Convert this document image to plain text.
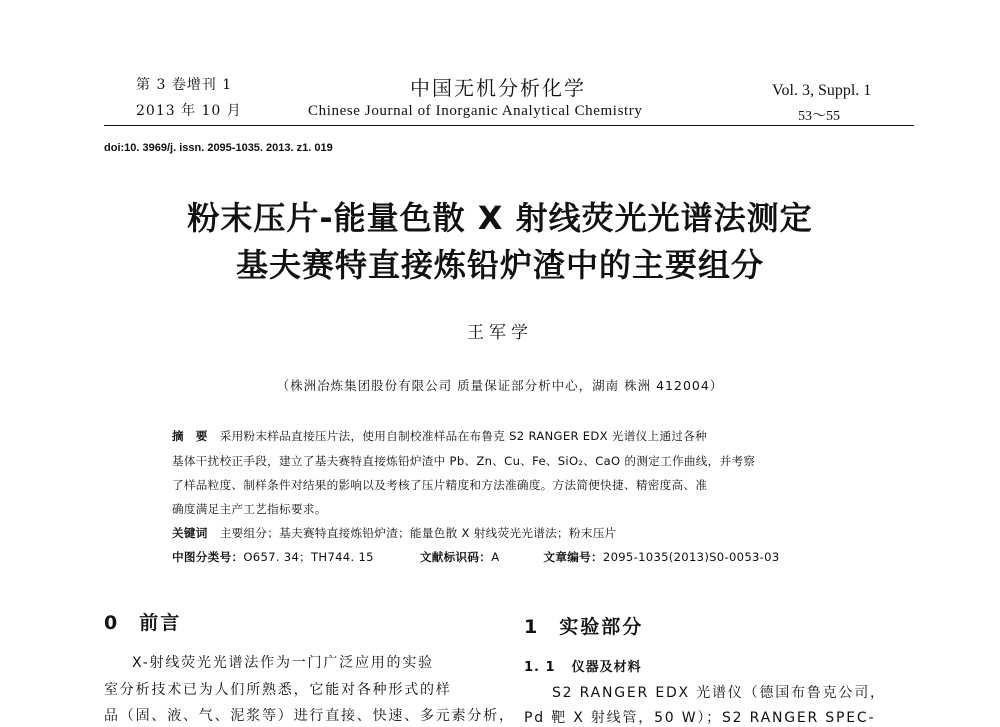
第 3 卷增刊 1
2013 年 10 月
中国无机分析化学
Chinese Journal of Inorganic Analytical Chemistry
Vol. 3, Suppl. 1
53～55
doi:10. 3969/j. issn. 2095-1035. 2013. z1. 019
粉末压片-能量色散 X 射线荧光光谱法测定
基夫赛特直接炼铅炉渣中的主要组分
王军学
（株洲冶炼集团股份有限公司 质量保证部分析中心，湖南 株洲 412004）
摘　要 采用粉末样品直接压片法，使用自制校准样品在布鲁克 S2 RANGER EDX 光谱仪上通过各种
基体干扰校正手段，建立了基夫赛特直接炼铅炉渣中 Pb、Zn、Cu、Fe、SiO₂、CaO 的测定工作曲线，并考察
了样品粒度、制样条件对结果的影响以及考核了压片精度和方法准确度。方法简便快捷、精密度高、准
确度满足主产工艺指标要求。
关键词 主要组分；基夫赛特直接炼铅炉渣；能量色散 X 射线荧光光谱法；粉末压片
中图分类号：O657. 34；TH744. 15	文献标识码：A	文章编号：2095-1035(2013)S0-0053-03
0 前言
X-射线荧光光谱法作为一门广泛应用的实验
室分析技术已为人们所熟悉，它能对各种形式的样
品（固、液、气、泥浆等）进行直接、快速、多元素分析，
1 实验部分
1. 1 仪器及材料
S2 RANGER EDX 光谱仪（德国布鲁克公司，
Pd 靶 X 射线管，50 W）；S2 RANGER SPEC-
